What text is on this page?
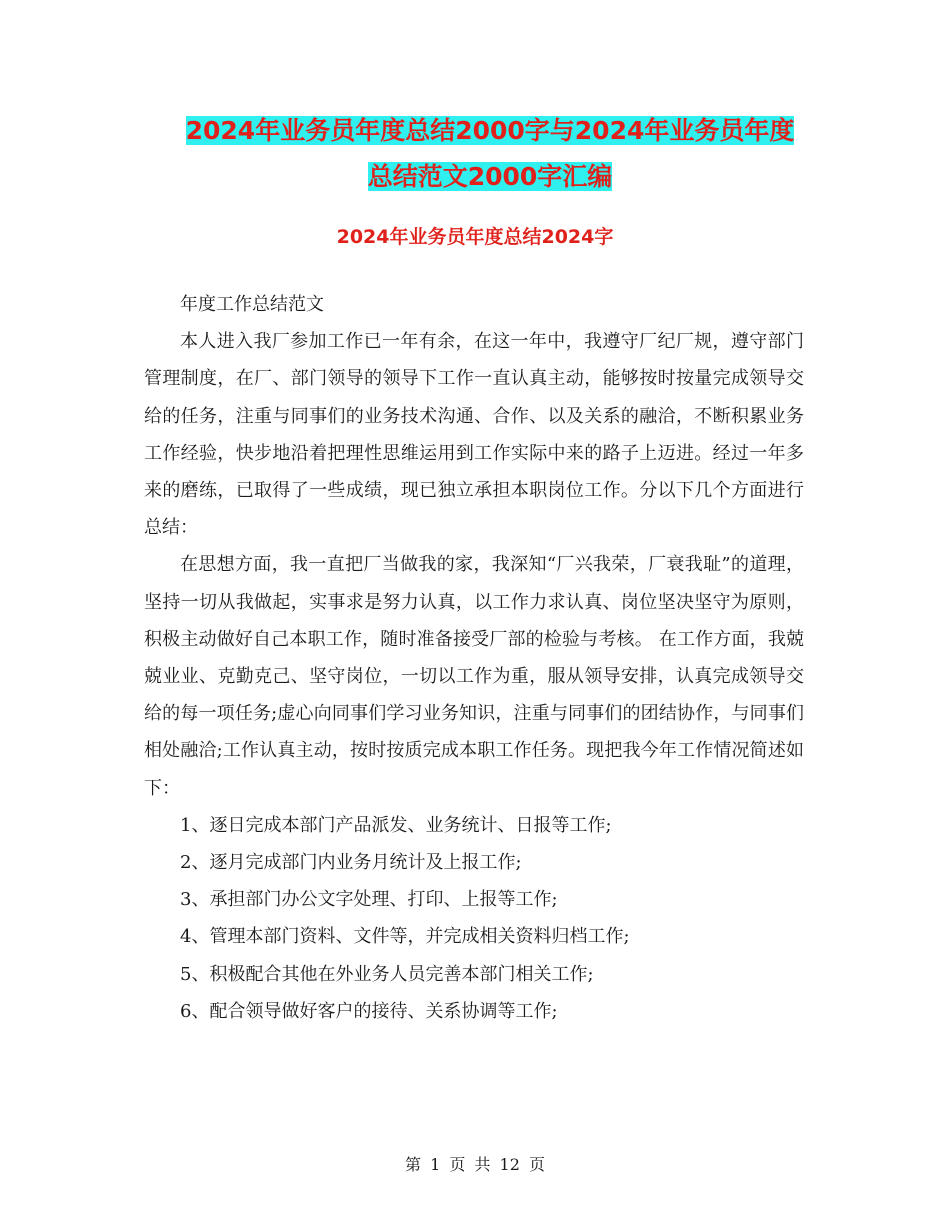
2024年业务员年度总结2000字与2024年业务员年度
总结范文2000字汇编
2024年业务员年度总结2024字

年度工作总结范文

本人进入我厂参加工作已一年有余，在这一年中，我遵守厂纪厂规，遵守部门管理制度，在厂、部门领导的领导下工作一直认真主动，能够按时按量完成领导交给的任务，注重与同事们的业务技术沟通、合作、以及关系的融洽，不断积累业务工作经验，快步地沿着把理性思维运用到工作实际中来的路子上迈进。经过一年多来的磨练，已取得了一些成绩，现已独立承担本职岗位工作。分以下几个方面进行总结：

在思想方面，我一直把厂当做我的家，我深知“厂兴我荣，厂衰我耻”的道理，坚持一切从我做起，实事求是努力认真，以工作力求认真、岗位坚决坚守为原则，积极主动做好自己本职工作，随时准备接受厂部的检验与考核。 在工作方面，我兢兢业业、克勤克己、坚守岗位，一切以工作为重，服从领导安排，认真完成领导交给的每一项任务;虚心向同事们学习业务知识，注重与同事们的团结协作，与同事们相处融洽;工作认真主动，按时按质完成本职工作任务。现把我今年工作情况简述如下：

1、逐日完成本部门产品派发、业务统计、日报等工作;

2、逐月完成部门内业务月统计及上报工作;

3、承担部门办公文字处理、打印、上报等工作;

4、管理本部门资料、文件等，并完成相关资料归档工作;

5、积极配合其他在外业务人员完善本部门相关工作;

6、配合领导做好客户的接待、关系协调等工作;

第 1 页 共 12 页
